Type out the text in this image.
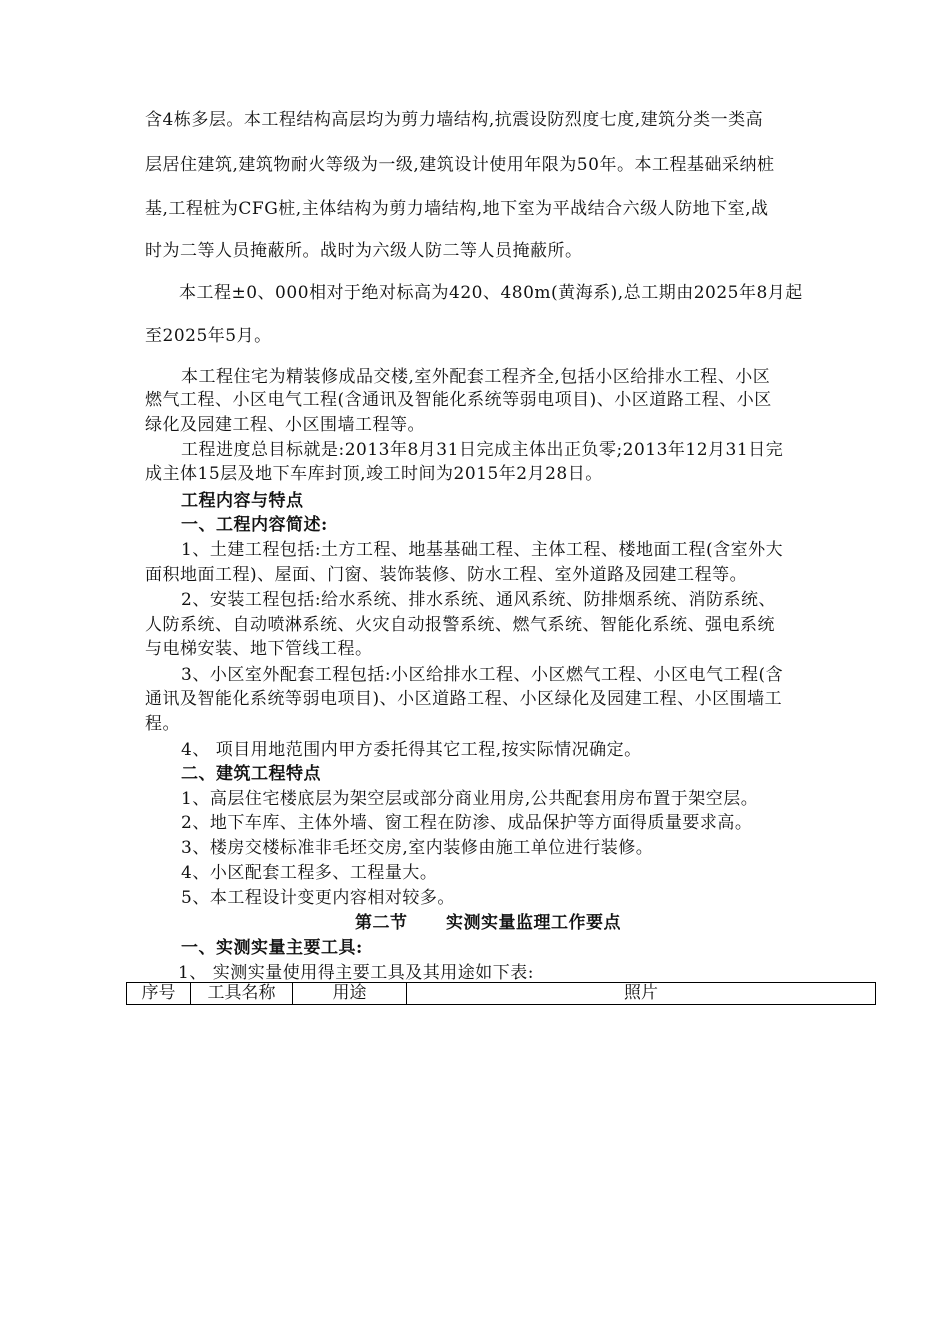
含4栋多层。本工程结构高层均为剪力墙结构,抗震设防烈度七度,建筑分类一类高
层居住建筑,建筑物耐火等级为一级,建筑设计使用年限为50年。本工程基础采纳桩
基,工程桩为CFG桩,主体结构为剪力墙结构,地下室为平战结合六级人防地下室,战
时为二等人员掩蔽所。战时为六级人防二等人员掩蔽所。
本工程±0、000相对于绝对标高为420、480m(黄海系),总工期由2025年8月起
至2025年5月。
本工程住宅为精装修成品交楼,室外配套工程齐全,包括小区给排水工程、小区
燃气工程、小区电气工程(含通讯及智能化系统等弱电项目)、小区道路工程、小区
绿化及园建工程、小区围墙工程等。
工程进度总目标就是:2013年8月31日完成主体出正负零;2013年12月31日完
成主体15层及地下车库封顶,竣工时间为2015年2月28日。
工程内容与特点
一、工程内容简述:
1、土建工程包括:土方工程、地基基础工程、主体工程、楼地面工程(含室外大
面积地面工程)、屋面、门窗、装饰装修、防水工程、室外道路及园建工程等。
2、安装工程包括:给水系统、排水系统、通风系统、防排烟系统、消防系统、
人防系统、自动喷淋系统、火灾自动报警系统、燃气系统、智能化系统、强电系统
与电梯安装、地下管线工程。
3、小区室外配套工程包括:小区给排水工程、小区燃气工程、小区电气工程(含
通讯及智能化系统等弱电项目)、小区道路工程、小区绿化及园建工程、小区围墙工
程。
4、 项目用地范围内甲方委托得其它工程,按实际情况确定。
二、建筑工程特点
1、高层住宅楼底层为架空层或部分商业用房,公共配套用房布置于架空层。
2、地下车库、主体外墙、窗工程在防渗、成品保护等方面得质量要求高。
3、楼房交楼标准非毛坯交房,室内装修由施工单位进行装修。
4、小区配套工程多、工程量大。
5、本工程设计变更内容相对较多。
第二节      实测实量监理工作要点
一、实测实量主要工具:
1、 实测实量使用得主要工具及其用途如下表:
序号	工具名称	用途	照片
